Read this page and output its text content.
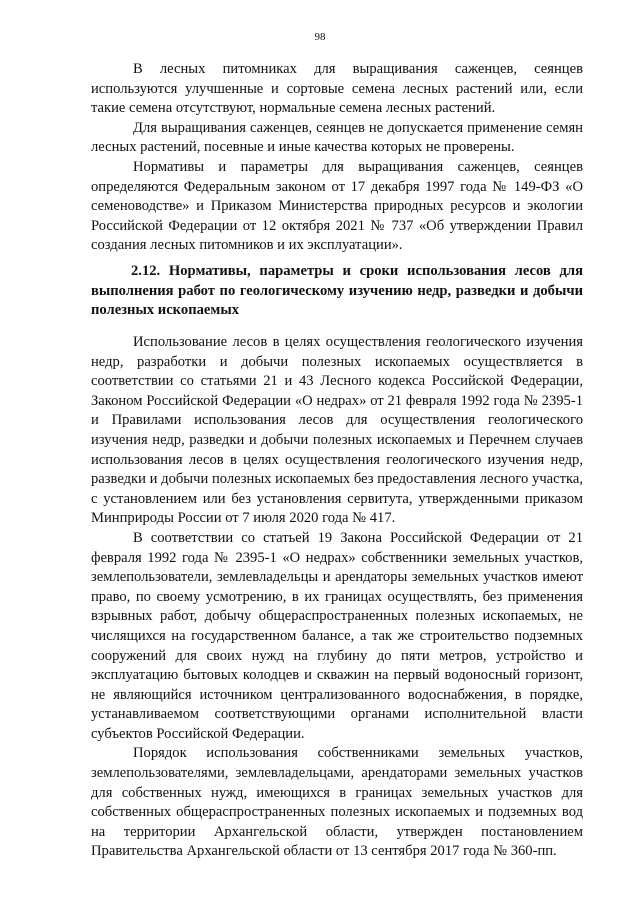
98

В лесных питомниках для выращивания саженцев, сеянцев используются улучшенные и сортовые семена лесных растений или, если такие семена отсутствуют, нормальные семена лесных растений.

Для выращивания саженцев, сеянцев не допускается применение семян лесных растений, посевные и иные качества которых не проверены.

Нормативы и параметры для выращивания саженцев, сеянцев определяются Федеральным законом от 17 декабря 1997 года № 149-ФЗ «О семеноводстве» и Приказом Министерства природных ресурсов и экологии Российской Федерации от 12 октября 2021 № 737 «Об утверждении Правил создания лесных питомников и их эксплуатации».

2.12. Нормативы, параметры и сроки использования лесов для выполнения работ по геологическому изучению недр, разведки и добычи полезных ископаемых

Использование лесов в целях осуществления геологического изучения недр, разработки и добычи полезных ископаемых осуществляется в соответствии со статьями 21 и 43 Лесного кодекса Российской Федерации, Законом Российской Федерации «О недрах» от 21 февраля 1992 года № 2395-1 и Правилами использования лесов для осуществления геологического изучения недр, разведки и добычи полезных ископаемых и Перечнем случаев использования лесов в целях осуществления геологического изучения недр, разведки и добычи полезных ископаемых без предоставления лесного участка, с установлением или без установления сервитута, утвержденными приказом Минприроды России от 7 июля 2020 года № 417.

В соответствии со статьей 19 Закона Российской Федерации от 21 февраля 1992 года № 2395-1 «О недрах» собственники земельных участков, землепользователи, землевладельцы и арендаторы земельных участков имеют право, по своему усмотрению, в их границах осуществлять, без применения взрывных работ, добычу общераспространенных полезных ископаемых, не числящихся на государственном балансе, а так же строительство подземных сооружений для своих нужд на глубину до пяти метров, устройство и эксплуатацию бытовых колодцев и скважин на первый водоносный горизонт, не являющийся источником централизованного водоснабжения, в порядке, устанавливаемом соответствующими органами исполнительной власти субъектов Российской Федерации.

Порядок использования собственниками земельных участков, землепользователями, землевладельцами, арендаторами земельных участков для собственных нужд, имеющихся в границах земельных участков для собственных общераспространенных полезных ископаемых и подземных вод на территории Архангельской области, утвержден постановлением Правительства Архангельской области от 13 сентября 2017 года № 360-пп.
